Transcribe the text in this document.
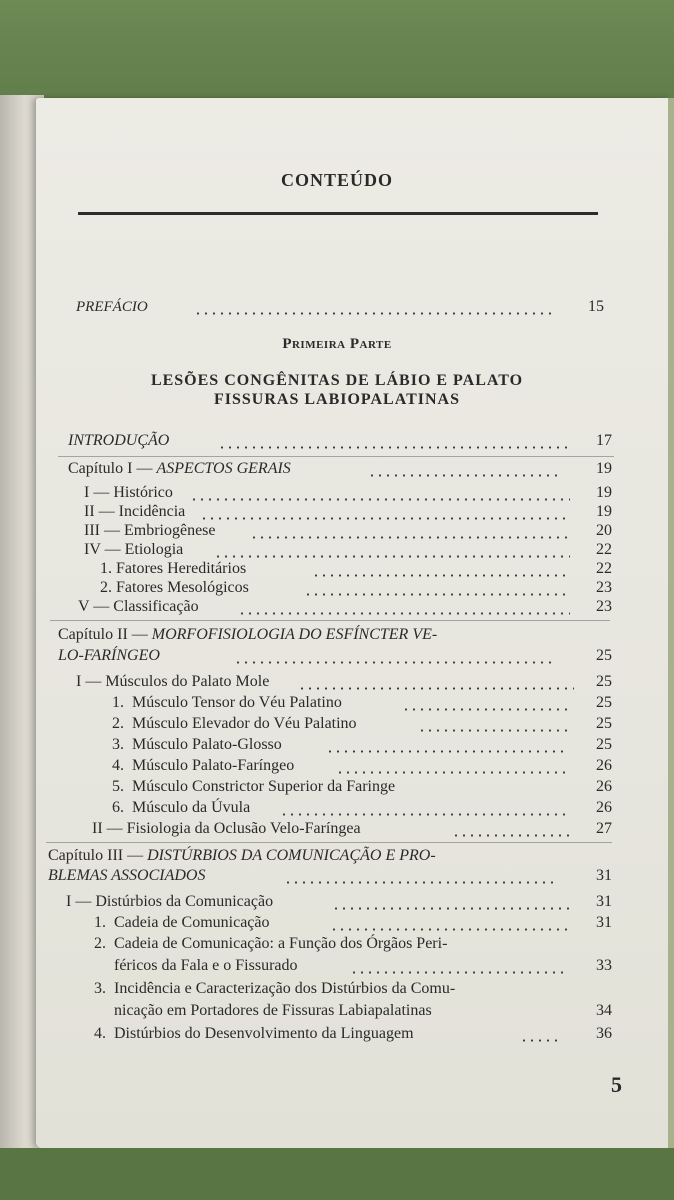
CONTEÚDO
PREFÁCIO	15
Primeira Parte
LESÕES CONGÊNITAS DE LÁBIO E PALATO
FISSURAS LABIOPALATINAS
INTRODUÇÃO	17
Capítulo I — ASPECTOS GERAIS	19
I — Histórico	19
II — Incidência	19
III — Embriogênese	20
IV — Etiologia	22
1. Fatores Hereditários	22
2. Fatores Mesológicos	23
V — Classificação	23
Capítulo II — MORFOFISIOLOGIA DO ESFÍNCTER VE-
LO-FARÍNGEO	25
I — Músculos do Palato Mole	25
1. Músculo Tensor do Véu Palatino	25
2. Músculo Elevador do Véu Palatino	25
3. Músculo Palato-Glosso	25
4. Músculo Palato-Faríngeo	26
5. Músculo Constrictor Superior da Faringe	26
6. Músculo da Úvula	26
II — Fisiologia da Oclusão Velo-Faríngea	27
Capítulo III — DISTÚRBIOS DA COMUNICAÇÃO E PRO-
BLEMAS ASSOCIADOS	31
I — Distúrbios da Comunicação	31
1. Cadeia de Comunicação	31
2. Cadeia de Comunicação: a Função dos Órgãos Peri-
féricos da Fala e o Fissurado	33
3. Incidência e Caracterização dos Distúrbios da Comu-
nicação em Portadores de Fissuras Labiapalatinas	34
4. Distúrbios do Desenvolvimento da Linguagem	36
5
